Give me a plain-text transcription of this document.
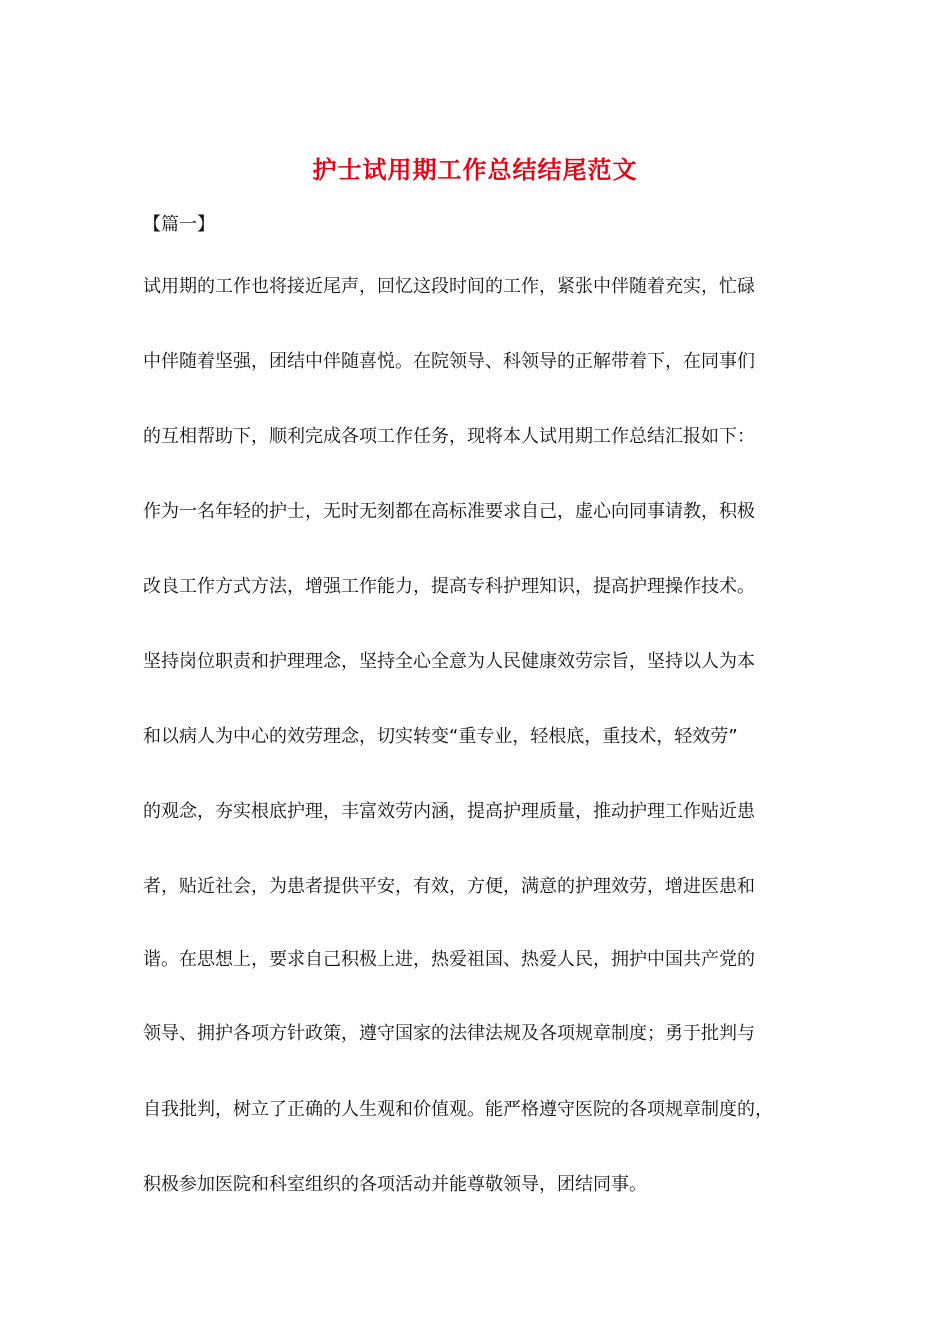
护士试用期工作总结结尾范文
【篇一】
试用期的工作也将接近尾声，回忆这段时间的工作，紧张中伴随着充实，忙碌
中伴随着坚强，团结中伴随喜悦。在院领导、科领导的正解带着下，在同事们
的互相帮助下，顺利完成各项工作任务，现将本人试用期工作总结汇报如下：
作为一名年轻的护士，无时无刻都在高标准要求自己，虚心向同事请教，积极
改良工作方式方法，增强工作能力，提高专科护理知识，提高护理操作技术。
坚持岗位职责和护理理念，坚持全心全意为人民健康效劳宗旨，坚持以人为本
和以病人为中心的效劳理念，切实转变“重专业，轻根底，重技术，轻效劳”
的观念，夯实根底护理，丰富效劳内涵，提高护理质量，推动护理工作贴近患
者，贴近社会，为患者提供平安，有效，方便，满意的护理效劳，增进医患和
谐。在思想上，要求自己积极上进，热爱祖国、热爱人民，拥护中国共产党的
领导、拥护各项方针政策，遵守国家的法律法规及各项规章制度；勇于批判与
自我批判，树立了正确的人生观和价值观。能严格遵守医院的各项规章制度的，
积极参加医院和科室组织的各项活动并能尊敬领导，团结同事。
